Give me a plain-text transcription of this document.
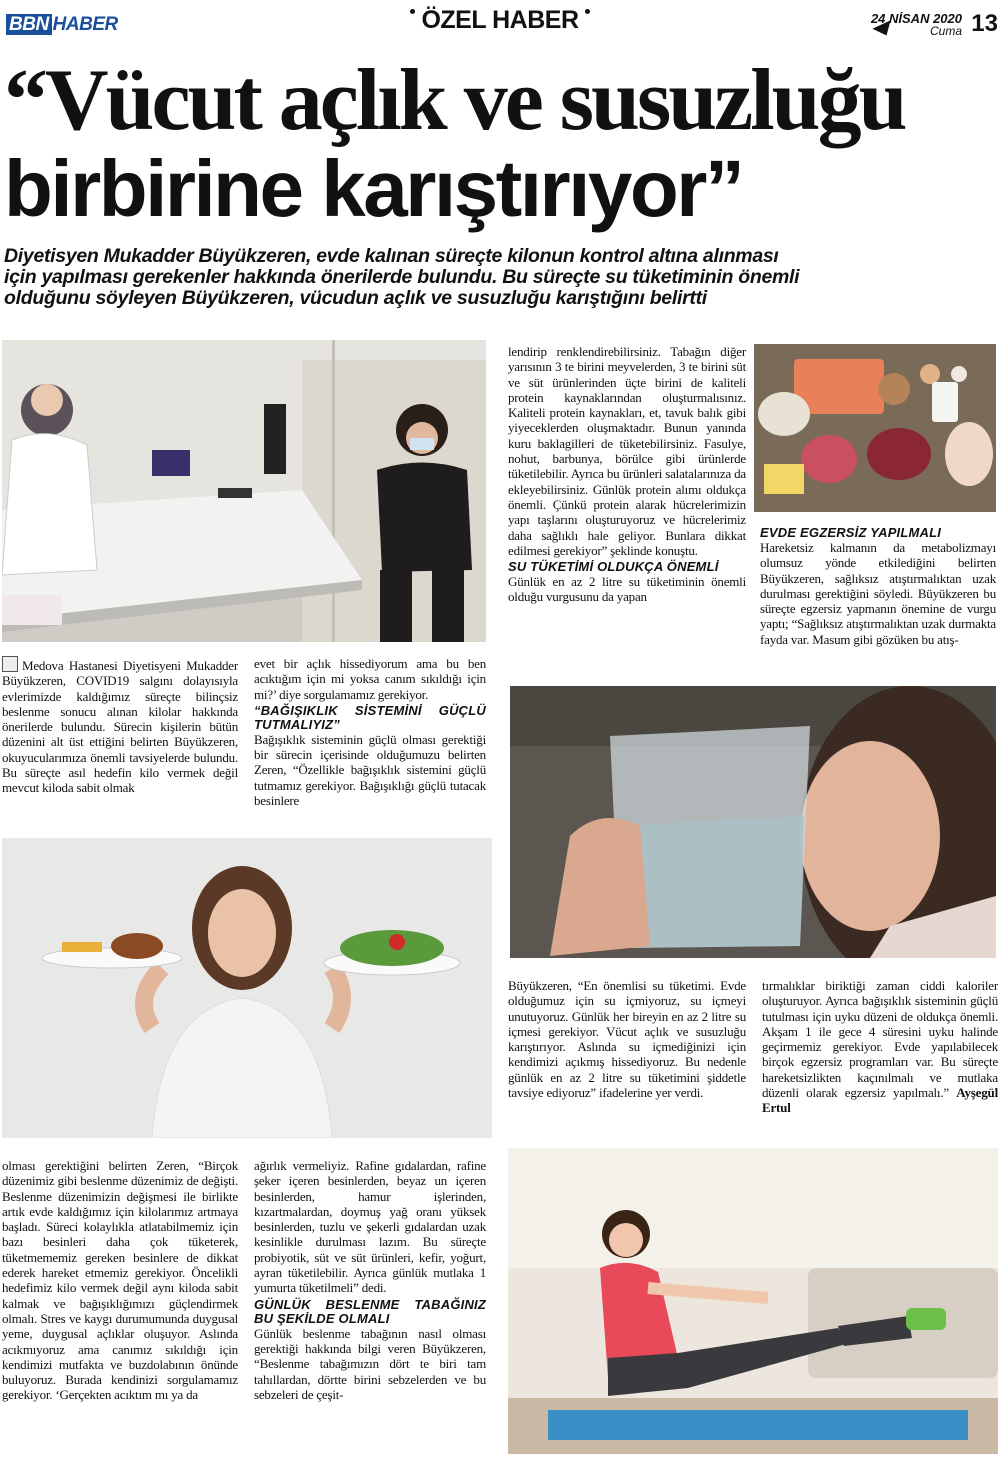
BBN HABER	ÖZEL HABER	24 NİSAN 2020
Cuma 13
“Vücut açlık ve susuzluğu
birbirine karıştırıyor”
Diyetisyen Mukadder Büyükzeren, evde kalınan süreçte kilonun kontrol altına alınması
için yapılması gerekenler hakkında önerilerde bulundu. Bu süreçte su tüketiminin önemli
olduğunu söyleyen Büyükzeren, vücudun açlık ve susuzluğu karıştığını belirtti
Medova Hastanesi Diyetisyeni Mukadder Büyükzeren, COVID19 salgını dolayısıyla evlerimizde kaldığımız süreçte bilinçsiz beslenme sonucu alınan kilolar hakkında önerilerde bulundu. Sürecin kişilerin bütün düzenini alt üst ettiğini belirten Büyükzeren, okuyucularımıza önemli tavsiyelerde bulundu. Bu süreçte asıl hedefin kilo vermek değil mevcut kiloda sabit olmak
evet bir açlık hissediyorum ama bu ben acıktığım için mi yoksa canım sıkıldığı için mi?’ diye sorgulamamız gerekiyor.
“BAĞIŞIKLIK SİSTEMİNİ GÜÇLÜ TUTMALIYIZ”
Bağışıklık sisteminin güçlü olması gerektiği bir sürecin içerisinde olduğumuzu belirten Zeren, “Özellikle bağışıklık sistemini güçlü tutmamız gerekiyor. Bağışıklığı güçlü tutacak besinlere
lendirip renklendirebilirsiniz. Tabağın diğer yarısının 3 te birini meyvelerden, 3 te birini süt ve süt ürünlerinden üçte birini de kaliteli protein kaynaklarından oluşturmalısınız. Kaliteli protein kaynakları, et, tavuk balık gibi yiyeceklerden oluşmaktadır. Bunun yanında kuru baklagilleri de tüketebilirsiniz. Fasulye, nohut, barbunya, börülce gibi ürünlerde tüketilebilir. Ayrıca bu ürünleri salatalarınıza da ekleyebilirsiniz. Günlük protein alımı oldukça önemli. Çünkü protein alarak hücrelerimizin yapı taşlarını oluşturuyoruz ve hücrelerimiz daha sağlıklı hale geliyor. Bunlara dikkat edilmesi gerekiyor” şeklinde konuştu.
SU TÜKETİMİ OLDUKÇA ÖNEMLİ
Günlük en az 2 litre su tüketiminin önemli olduğu vurgusunu da yapan
EVDE EGZERSİZ YAPILMALI
Hareketsiz kalmanın da metabolizmayı olumsuz yönde etkilediğini belirten Büyükzeren, sağlıksız atıştırmalıktan uzak durulması gerektiğini söyledi. Büyükzeren bu süreçte egzersiz yapmanın önemine de vurgu yaptı; “Sağlıksız atıştırmalıktan uzak durmakta fayda var. Masum gibi gözüken bu atış-
Büyükzeren, “En önemlisi su tüketimi. Evde olduğumuz için su içmiyoruz, su içmeyi unutuyoruz. Günlük her bireyin en az 2 litre su içmesi gerekiyor. Vücut açlık ve susuzluğu karıştırıyor. Aslında su içmediğinizi için kendimizi açıkmış hissediyoruz. Bu nedenle günlük en az 2 litre su tüketimini şiddetle tavsiye ediyoruz” ifadelerine yer verdi.
tırmalıklar biriktiği zaman ciddi kaloriler oluşturuyor. Ayrıca bağışıklık sisteminin güçlü tutulması için uyku düzeni de oldukça önemli. Akşam 1 ile gece 4 süresini uyku halinde geçirmemiz gerekiyor. Evde yapılabilecek birçok egzersiz programları var. Bu süreçte hareketsizlikten kaçınılmalı ve mutlaka düzenli olarak egzersiz yapılmalı.” Ayşegül Ertul
olması gerektiğini belirten Zeren, “Birçok düzenimiz gibi beslenme düzenimiz de değişti. Beslenme düzenimizin değişmesi ile birlikte artık evde kaldığımız için kilolarımız artmaya başladı. Süreci kolaylıkla atlatabilmemiz için bazı besinleri daha çok tüketerek, tüketmememiz gereken besinlere de dikkat ederek hareket etmemiz gerekiyor. Öncelikli hedefimiz kilo vermek değil aynı kiloda sabit kalmak ve bağışıklığımızı güçlendirmek olmalı. Stres ve kaygı durumumunda duygusal yeme, duygusal açlıklar oluşuyor. Aslında acıkmıyoruz ama canımız sıkıldığı için kendimizi mutfakta ve buzdolabının önünde buluyoruz. Burada kendinizi sorgulamamız gerekiyor. ‘Gerçekten acıktım mı ya da
ağırlık vermeliyiz. Rafine gıdalardan, rafine şeker içeren besinlerden, beyaz un içeren besinlerden, hamur işlerinden, kızartmalardan, doymuş yağ oranı yüksek besinlerden, tuzlu ve şekerli gıdalardan uzak kesinlikle durulması lazım. Bu süreçte probiyotik, süt ve süt ürünleri, kefir, yoğurt, ayran tüketilebilir. Ayrıca günlük mutlaka 1 yumurta tüketilmeli” dedi.
GÜNLÜK BESLENME TABAĞINIZ BU ŞEKİLDE OLMALI
Günlük beslenme tabağının nasıl olması gerektiği hakkında bilgi veren Büyükzeren, “Beslenme tabağımızın dört te biri tam tahıllardan, dörtte birini sebzelerden ve bu sebzeleri de çeşit-
